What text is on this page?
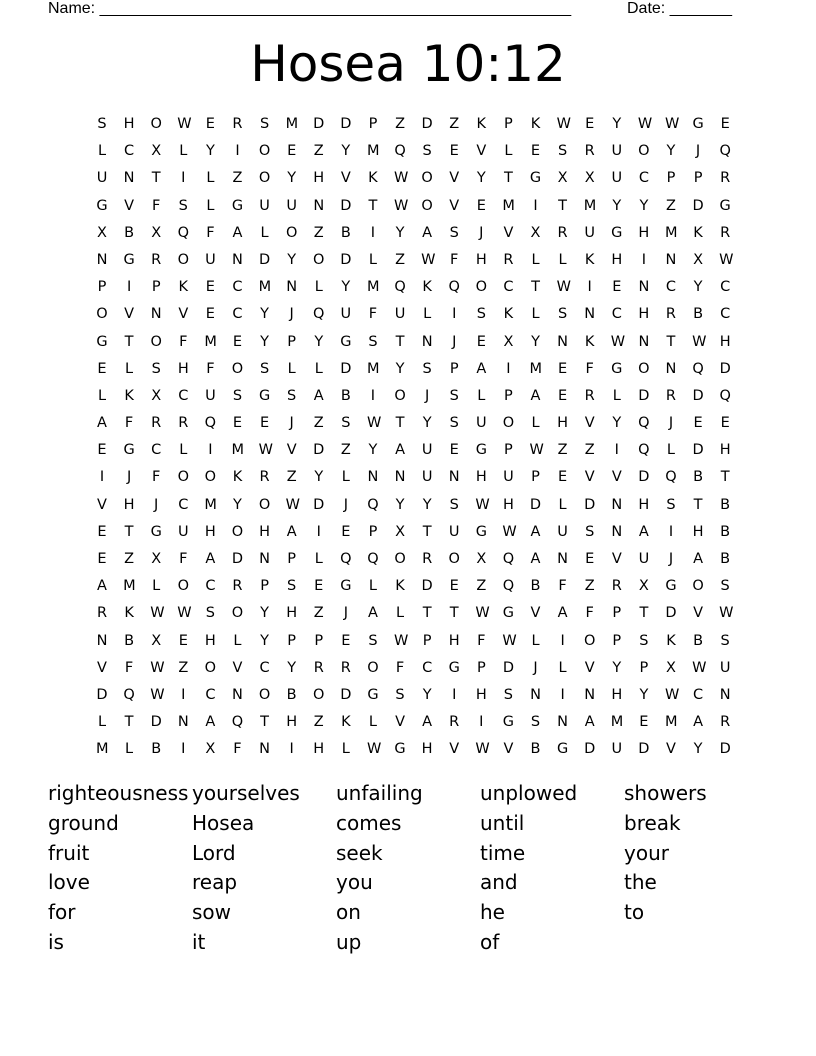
Name: _____________________________________________________	Date: _______
Hosea 10:12
S H O W E R S M D D P Z D Z K P K W E Y W W G E
L C X L Y I O E Z Y M Q S E V L E S R U O Y J Q
U N T I L Z O Y H V K W O V Y T G X X U C P P R
G V F S L G U U N D T W O V E M I T M Y Y Z D G
X B X Q F A L O Z B I Y A S J V X R U G H M K R
N G R O U N D Y O D L Z W F H R L L K H I N X W
P I P K E C M N L Y M Q K Q O C T W I E N C Y C
O V N V E C Y J Q U F U L I S K L S N C H R B C
G T O F M E Y P Y G S T N J E X Y N K W N T W H
E L S H F O S L L D M Y S P A I M E F G O N Q D
L K X C U S G S A B I O J S L P A E R L D R D Q
A F R R Q E E J Z S W T Y S U O L H V Y Q J E E
E G C L I M W V D Z Y A U E G P W Z Z I Q L D H
I J F O O K R Z Y L N N U N H U P E V V D Q B T
V H J C M Y O W D J Q Y Y S W H D L D N H S T B
E T G U H O H A I E P X T U G W A U S N A I H B
E Z X F A D N P L Q Q O R O X Q A N E V U J A B
A M L O C R P S E G L K D E Z Q B F Z R X G O S
R K W W S O Y H Z J A L T T W G V A F P T D V W
N B X E H L Y P P E S W P H F W L I O P S K B S
V F W Z O V C Y R R O F C G P D J L V Y P X W U
D Q W I C N O B O D G S Y I H S N I N H Y W C N
L T D N A Q T H Z K L V A R I G S N A M E M A R
M L B I X F N I H L W G H V W V B G D U D V Y D
righteousness yourselves	unfailing	unplowed	showers
ground	Hosea	comes	until	break
fruit	Lord	seek	time	your
love	reap	you	and	the
for	sow	on	he	to
is	it	up	of
